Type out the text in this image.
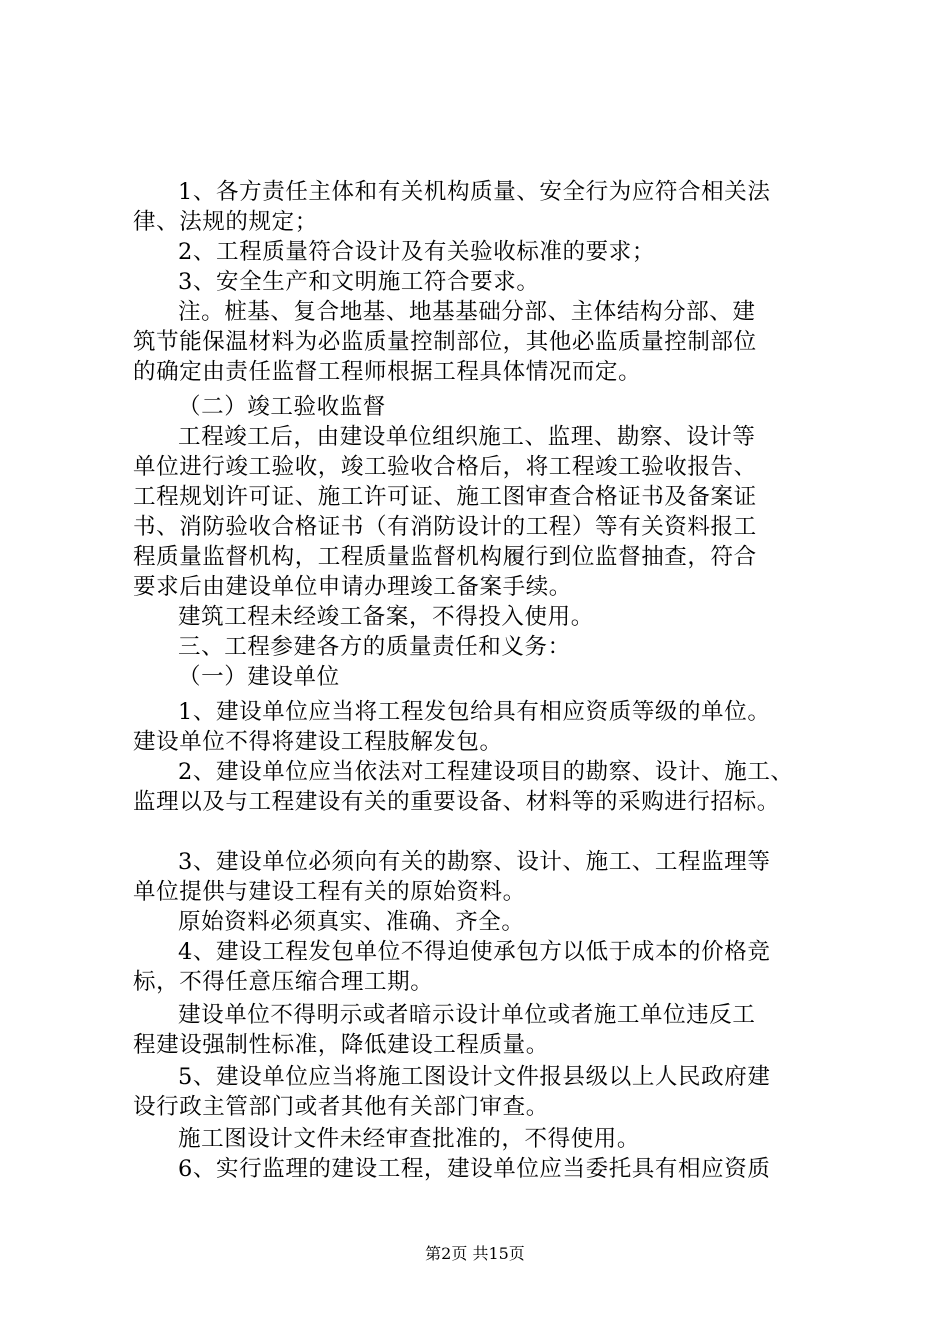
1、各方责任主体和有关机构质量、安全行为应符合相关法
律、法规的规定；
2、工程质量符合设计及有关验收标准的要求；
3、安全生产和文明施工符合要求。
注。桩基、复合地基、地基基础分部、主体结构分部、建
筑节能保温材料为必监质量控制部位，其他必监质量控制部位
的确定由责任监督工程师根据工程具体情况而定。
（二）竣工验收监督
工程竣工后，由建设单位组织施工、监理、勘察、设计等
单位进行竣工验收，竣工验收合格后，将工程竣工验收报告、
工程规划许可证、施工许可证、施工图审查合格证书及备案证
书、消防验收合格证书（有消防设计的工程）等有关资料报工
程质量监督机构，工程质量监督机构履行到位监督抽查，符合
要求后由建设单位申请办理竣工备案手续。
建筑工程未经竣工备案，不得投入使用。
三、工程参建各方的质量责任和义务：
（一）建设单位
1、建设单位应当将工程发包给具有相应资质等级的单位。
建设单位不得将建设工程肢解发包。
2、建设单位应当依法对工程建设项目的勘察、设计、施工、
监理以及与工程建设有关的重要设备、材料等的采购进行招标。
3、建设单位必须向有关的勘察、设计、施工、工程监理等
单位提供与建设工程有关的原始资料。
原始资料必须真实、准确、齐全。
4、建设工程发包单位不得迫使承包方以低于成本的价格竞
标，不得任意压缩合理工期。
建设单位不得明示或者暗示设计单位或者施工单位违反工
程建设强制性标准，降低建设工程质量。
5、建设单位应当将施工图设计文件报县级以上人民政府建
设行政主管部门或者其他有关部门审查。
施工图设计文件未经审查批准的，不得使用。
6、实行监理的建设工程，建设单位应当委托具有相应资质
第2页 共15页
